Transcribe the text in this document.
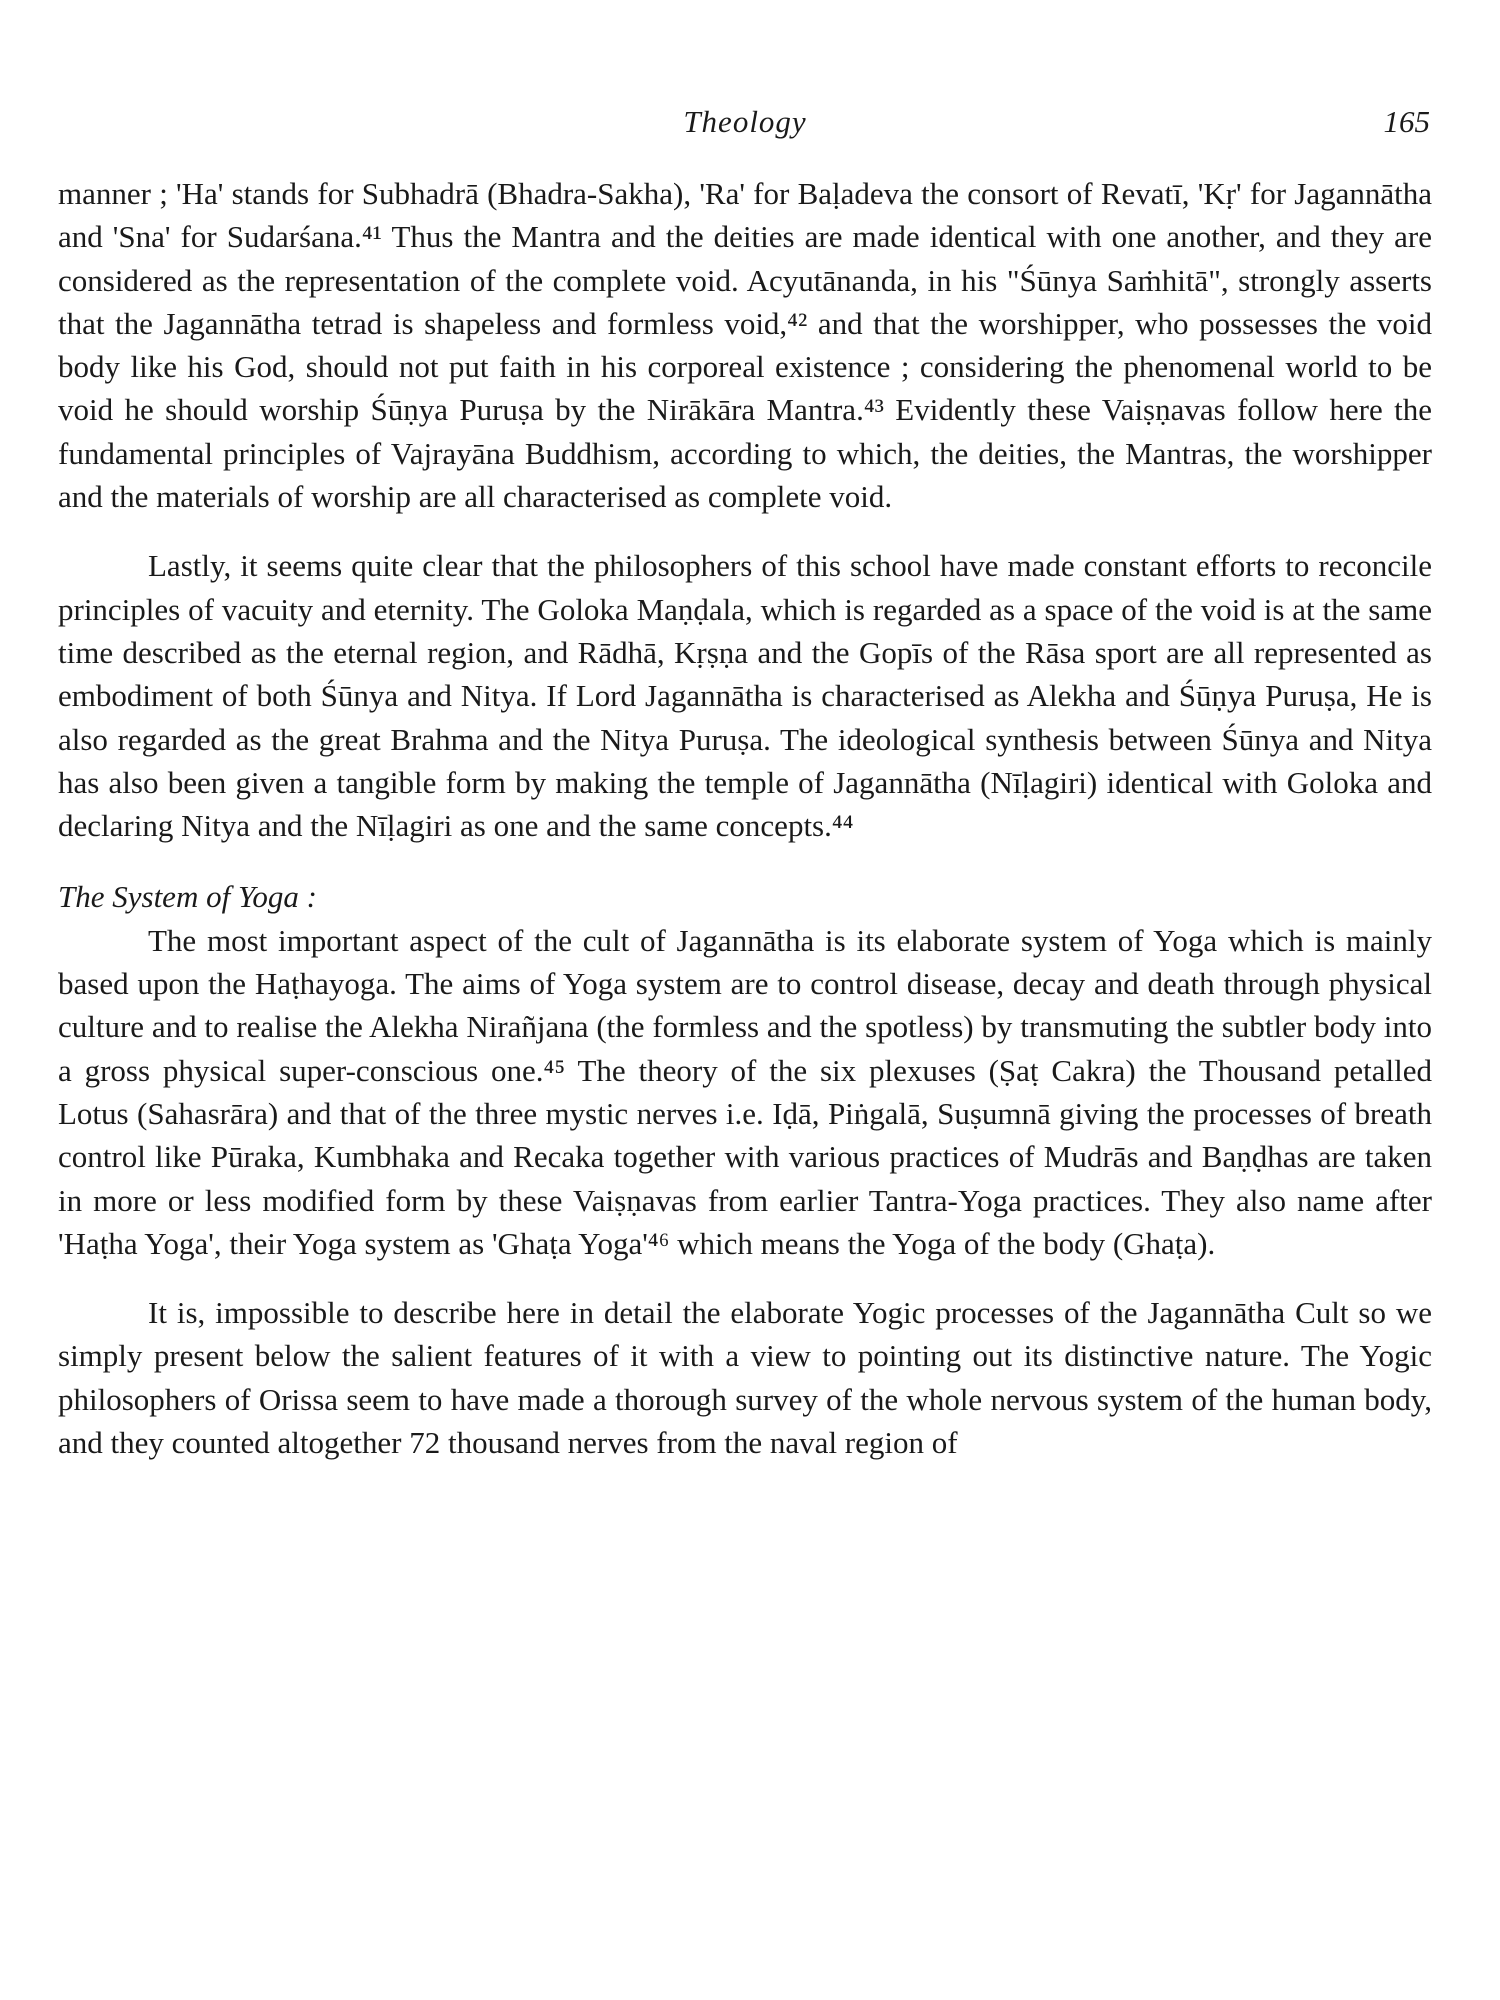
Theology	165

manner ; 'Ha' stands for Subhadrā (Bhadra-Sakha), 'Ra' for Baḷadeva the consort of Revatī, 'Kṛ' for Jagannātha and 'Sna' for Sudarśana.⁴¹ Thus the Mantra and the deities are made identical with one another, and they are considered as the representation of the complete void. Acyutānanda, in his "Śūnya Saṁhitā", strongly asserts that the Jagannātha tetrad is shapeless and formless void,⁴² and that the worshipper, who possesses the void body like his God, should not put faith in his corporeal existence ; considering the phenomenal world to be void he should worship Śūṇya Puruṣa by the Nirākāra Mantra.⁴³ Evidently these Vaiṣṇavas follow here the fundamental principles of Vajrayāna Buddhism, according to which, the deities, the Mantras, the worshipper and the materials of worship are all characterised as complete void.

Lastly, it seems quite clear that the philosophers of this school have made constant efforts to reconcile principles of vacuity and eternity. The Goloka Maṇḍala, which is regarded as a space of the void is at the same time described as the eternal region, and Rādhā, Kṛṣṇa and the Gopīs of the Rāsa sport are all represented as embodiment of both Śūnya and Nitya. If Lord Jagannātha is characterised as Alekha and Śūṇya Puruṣa, He is also regarded as the great Brahma and the Nitya Puruṣa. The ideological synthesis between Śūnya and Nitya has also been given a tangible form by making the temple of Jagannātha (Nīḷagiri) identical with Goloka and declaring Nitya and the Nīḷagiri as one and the same concepts.⁴⁴

The System of Yoga :

The most important aspect of the cult of Jagannātha is its elaborate system of Yoga which is mainly based upon the Haṭhayoga. The aims of Yoga system are to control disease, decay and death through physical culture and to realise the Alekha Nirañjana (the formless and the spotless) by transmuting the subtler body into a gross physical super-conscious one.⁴⁵ The theory of the six plexuses (Ṣaṭ Cakra) the Thousand petalled Lotus (Sahasrāra) and that of the three mystic nerves i.e. Iḍā, Piṅgalā, Suṣumnā giving the processes of breath control like Pūraka, Kumbhaka and Recaka together with various practices of Mudrās and Baṇḍhas are taken in more or less modified form by these Vaiṣṇavas from earlier Tantra-Yoga practices. They also name after 'Haṭha Yoga', their Yoga system as 'Ghaṭa Yoga'⁴⁶ which means the Yoga of the body (Ghaṭa).

It is, impossible to describe here in detail the elaborate Yogic processes of the Jagannātha Cult so we simply present below the salient features of it with a view to pointing out its distinctive nature. The Yogic philosophers of Orissa seem to have made a thorough survey of the whole nervous system of the human body, and they counted altogether 72 thousand nerves from the naval region of
